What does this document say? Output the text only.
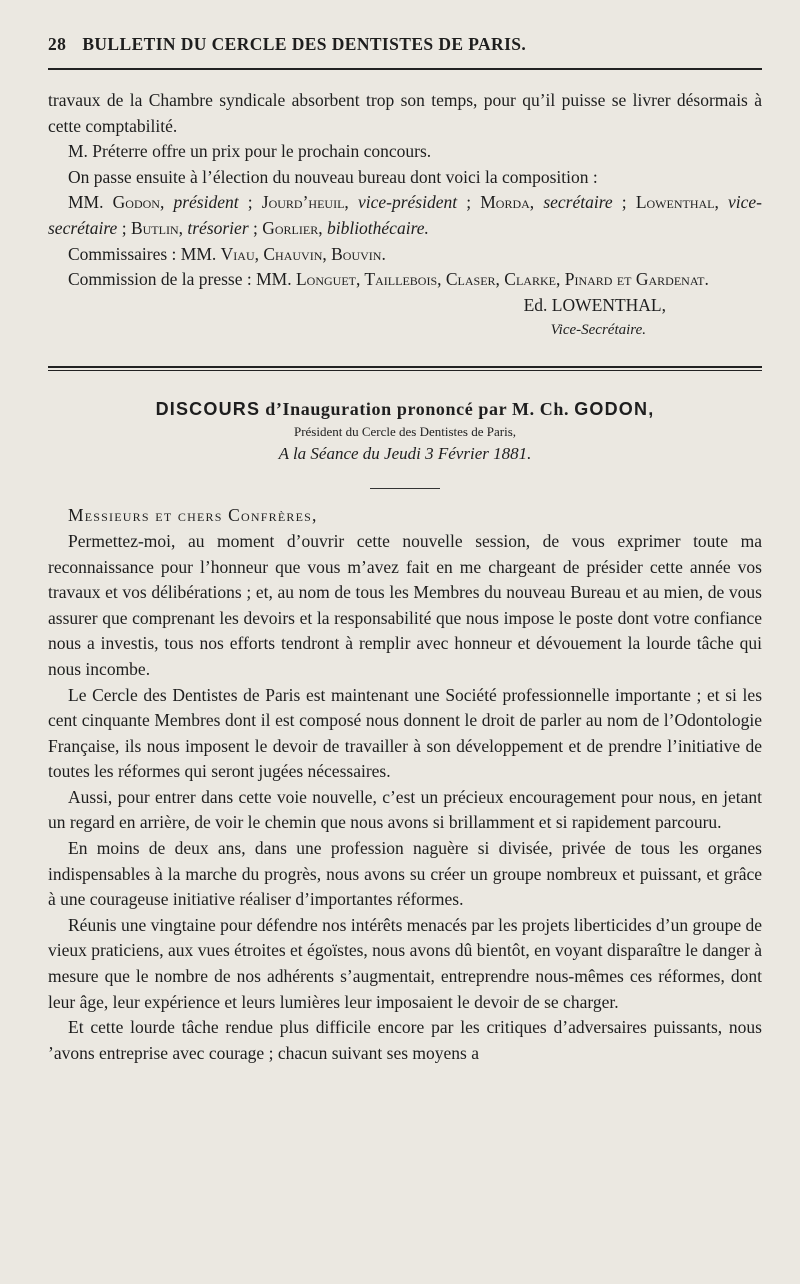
28 BULLETIN DU CERCLE DES DENTISTES DE PARIS.

travaux de la Chambre syndicale absorbent trop son temps, pour qu’il puisse se livrer désormais à cette comptabilité.

M. Préterre offre un prix pour le prochain concours.

On passe ensuite à l’élection du nouveau bureau dont voici la composition :

MM. Godon, président ; Jourd’heuil, vice-président ; Morda, secrétaire ; Lowenthal, vice-secrétaire ; Butlin, trésorier ; Gorlier, bibliothécaire.

Commissaires : MM. Viau, Chauvin, Bouvin.

Commission de la presse : MM. Longuet, Taillebois, Claser, Clarke, Pinard et Gardenat.

Ed. LOWENTHAL,

Vice-Secrétaire.

DISCOURS d’Inauguration prononcé par M. Ch. GODON,
Président du Cercle des Dentistes de Paris,
A la Séance du Jeudi 3 Février 1881.

Messieurs et chers Confrères,

Permettez-moi, au moment d’ouvrir cette nouvelle session, de vous exprimer toute ma reconnaissance pour l’honneur que vous m’avez fait en me chargeant de présider cette année vos travaux et vos délibérations ; et, au nom de tous les Membres du nouveau Bureau et au mien, de vous assurer que comprenant les devoirs et la responsabilité que nous impose le poste dont votre confiance nous a investis, tous nos efforts tendront à remplir avec honneur et dévouement la lourde tâche qui nous incombe.

Le Cercle des Dentistes de Paris est maintenant une Société professionnelle importante ; et si les cent cinquante Membres dont il est composé nous donnent le droit de parler au nom de l’Odontologie Française, ils nous imposent le devoir de travailler à son développement et de prendre l’initiative de toutes les réformes qui seront jugées nécessaires.

Aussi, pour entrer dans cette voie nouvelle, c’est un précieux encouragement pour nous, en jetant un regard en arrière, de voir le chemin que nous avons si brillamment et si rapidement parcouru.

En moins de deux ans, dans une profession naguère si divisée, privée de tous les organes indispensables à la marche du progrès, nous avons su créer un groupe nombreux et puissant, et grâce à une courageuse initiative réaliser d’importantes réformes.

Réunis une vingtaine pour défendre nos intérêts menacés par les projets liberticides d’un groupe de vieux praticiens, aux vues étroites et égoïstes, nous avons dû bientôt, en voyant disparaître le danger à mesure que le nombre de nos adhérents s’augmentait, entreprendre nous-mêmes ces réformes, dont leur âge, leur expérience et leurs lumières leur imposaient le devoir de se charger.

Et cette lourde tâche rendue plus difficile encore par les critiques d’adversaires puissants, nous ’avons entreprise avec courage ; chacun suivant ses moyens a
